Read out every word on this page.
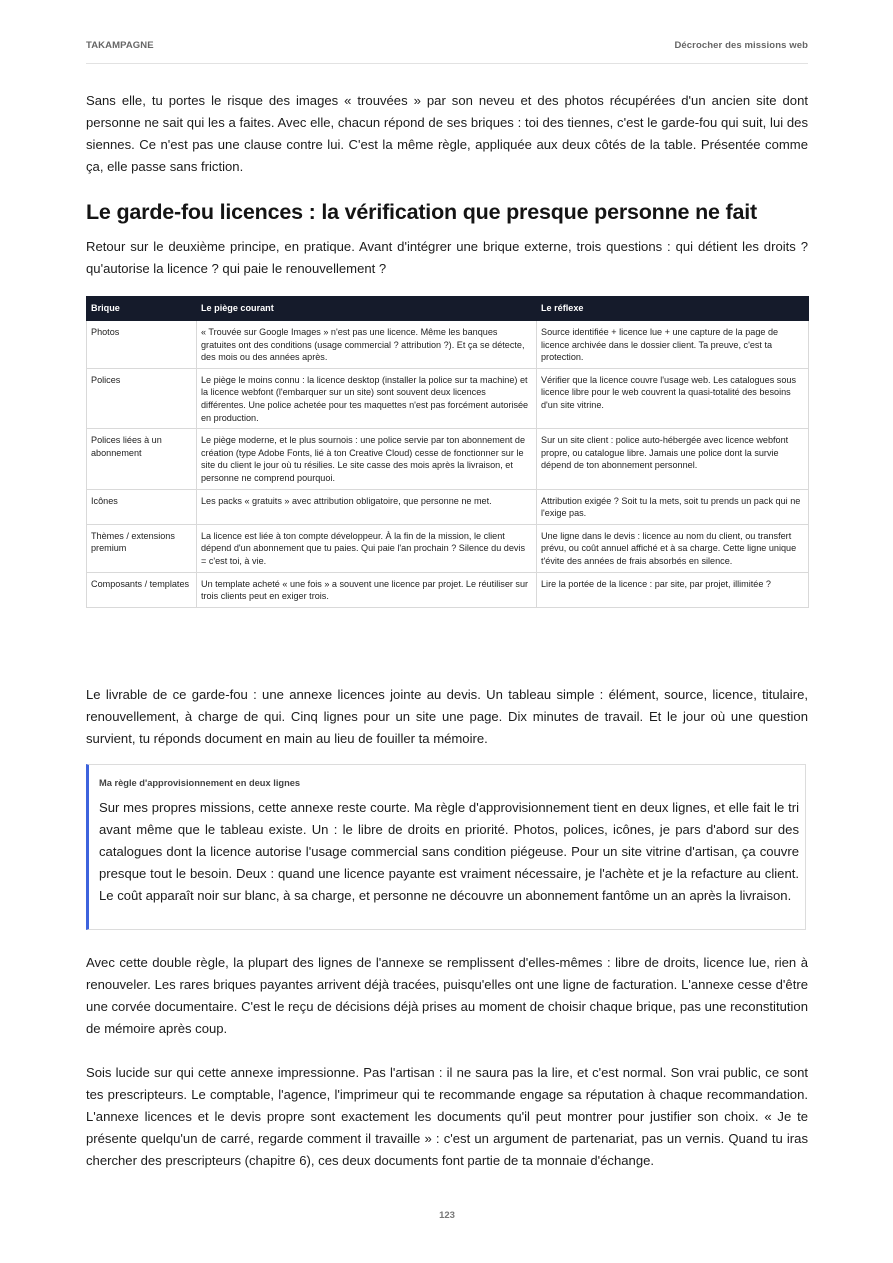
TAKAMPAGNE	Décrocher des missions web

Sans elle, tu portes le risque des images « trouvées » par son neveu et des photos récupérées d'un ancien site dont personne ne sait qui les a faites. Avec elle, chacun répond de ses briques : toi des tiennes, c'est le garde-fou qui suit, lui des siennes. Ce n'est pas une clause contre lui. C'est la même règle, appliquée aux deux côtés de la table. Présentée comme ça, elle passe sans friction.

Le garde-fou licences : la vérification que presque personne ne fait

Retour sur le deuxième principe, en pratique. Avant d'intégrer une brique externe, trois questions : qui détient les droits ? qu'autorise la licence ? qui paie le renouvellement ?

Brique	Le piège courant	Le réflexe
Photos	« Trouvée sur Google Images » n'est pas une licence. Même les banques gratuites ont des conditions (usage commercial ? attribution ?). Et ça se détecte, des mois ou des années après.	Source identifiée + licence lue + une capture de la page de licence archivée dans le dossier client. Ta preuve, c'est ta protection.
Polices	Le piège le moins connu : la licence desktop (installer la police sur ta machine) et la licence webfont (l'embarquer sur un site) sont souvent deux licences différentes. Une police achetée pour tes maquettes n'est pas forcément autorisée en production.	Vérifier que la licence couvre l'usage web. Les catalogues sous licence libre pour le web couvrent la quasi-totalité des besoins d'un site vitrine.
Polices liées à un abonnement	Le piège moderne, et le plus sournois : une police servie par ton abonnement de création (type Adobe Fonts, lié à ton Creative Cloud) cesse de fonctionner sur le site du client le jour où tu résilies. Le site casse des mois après la livraison, et personne ne comprend pourquoi.	Sur un site client : police auto-hébergée avec licence webfont propre, ou catalogue libre. Jamais une police dont la survie dépend de ton abonnement personnel.
Icônes	Les packs « gratuits » avec attribution obligatoire, que personne ne met.	Attribution exigée ? Soit tu la mets, soit tu prends un pack qui ne l'exige pas.
Thèmes / extensions premium	La licence est liée à ton compte développeur. À la fin de la mission, le client dépend d'un abonnement que tu paies. Qui paie l'an prochain ? Silence du devis = c'est toi, à vie.	Une ligne dans le devis : licence au nom du client, ou transfert prévu, ou coût annuel affiché et à sa charge. Cette ligne unique t'évite des années de frais absorbés en silence.
Composants / templates	Un template acheté « une fois » a souvent une licence par projet. Le réutiliser sur trois clients peut en exiger trois.	Lire la portée de la licence : par site, par projet, illimitée ?

Le livrable de ce garde-fou : une annexe licences jointe au devis. Un tableau simple : élément, source, licence, titulaire, renouvellement, à charge de qui. Cinq lignes pour un site une page. Dix minutes de travail. Et le jour où une question survient, tu réponds document en main au lieu de fouiller ta mémoire.

Ma règle d'approvisionnement en deux lignes

Sur mes propres missions, cette annexe reste courte. Ma règle d'approvisionnement tient en deux lignes, et elle fait le tri avant même que le tableau existe. Un : le libre de droits en priorité. Photos, polices, icônes, je pars d'abord sur des catalogues dont la licence autorise l'usage commercial sans condition piégeuse. Pour un site vitrine d'artisan, ça couvre presque tout le besoin. Deux : quand une licence payante est vraiment nécessaire, je l'achète et je la refacture au client. Le coût apparaît noir sur blanc, à sa charge, et personne ne découvre un abonnement fantôme un an après la livraison.

Avec cette double règle, la plupart des lignes de l'annexe se remplissent d'elles-mêmes : libre de droits, licence lue, rien à renouveler. Les rares briques payantes arrivent déjà tracées, puisqu'elles ont une ligne de facturation. L'annexe cesse d'être une corvée documentaire. C'est le reçu de décisions déjà prises au moment de choisir chaque brique, pas une reconstitution de mémoire après coup.

Sois lucide sur qui cette annexe impressionne. Pas l'artisan : il ne saura pas la lire, et c'est normal. Son vrai public, ce sont tes prescripteurs. Le comptable, l'agence, l'imprimeur qui te recommande engage sa réputation à chaque recommandation. L'annexe licences et le devis propre sont exactement les documents qu'il peut montrer pour justifier son choix. « Je te présente quelqu'un de carré, regarde comment il travaille » : c'est un argument de partenariat, pas un vernis. Quand tu iras chercher des prescripteurs (chapitre 6), ces deux documents font partie de ta monnaie d'échange.

123
